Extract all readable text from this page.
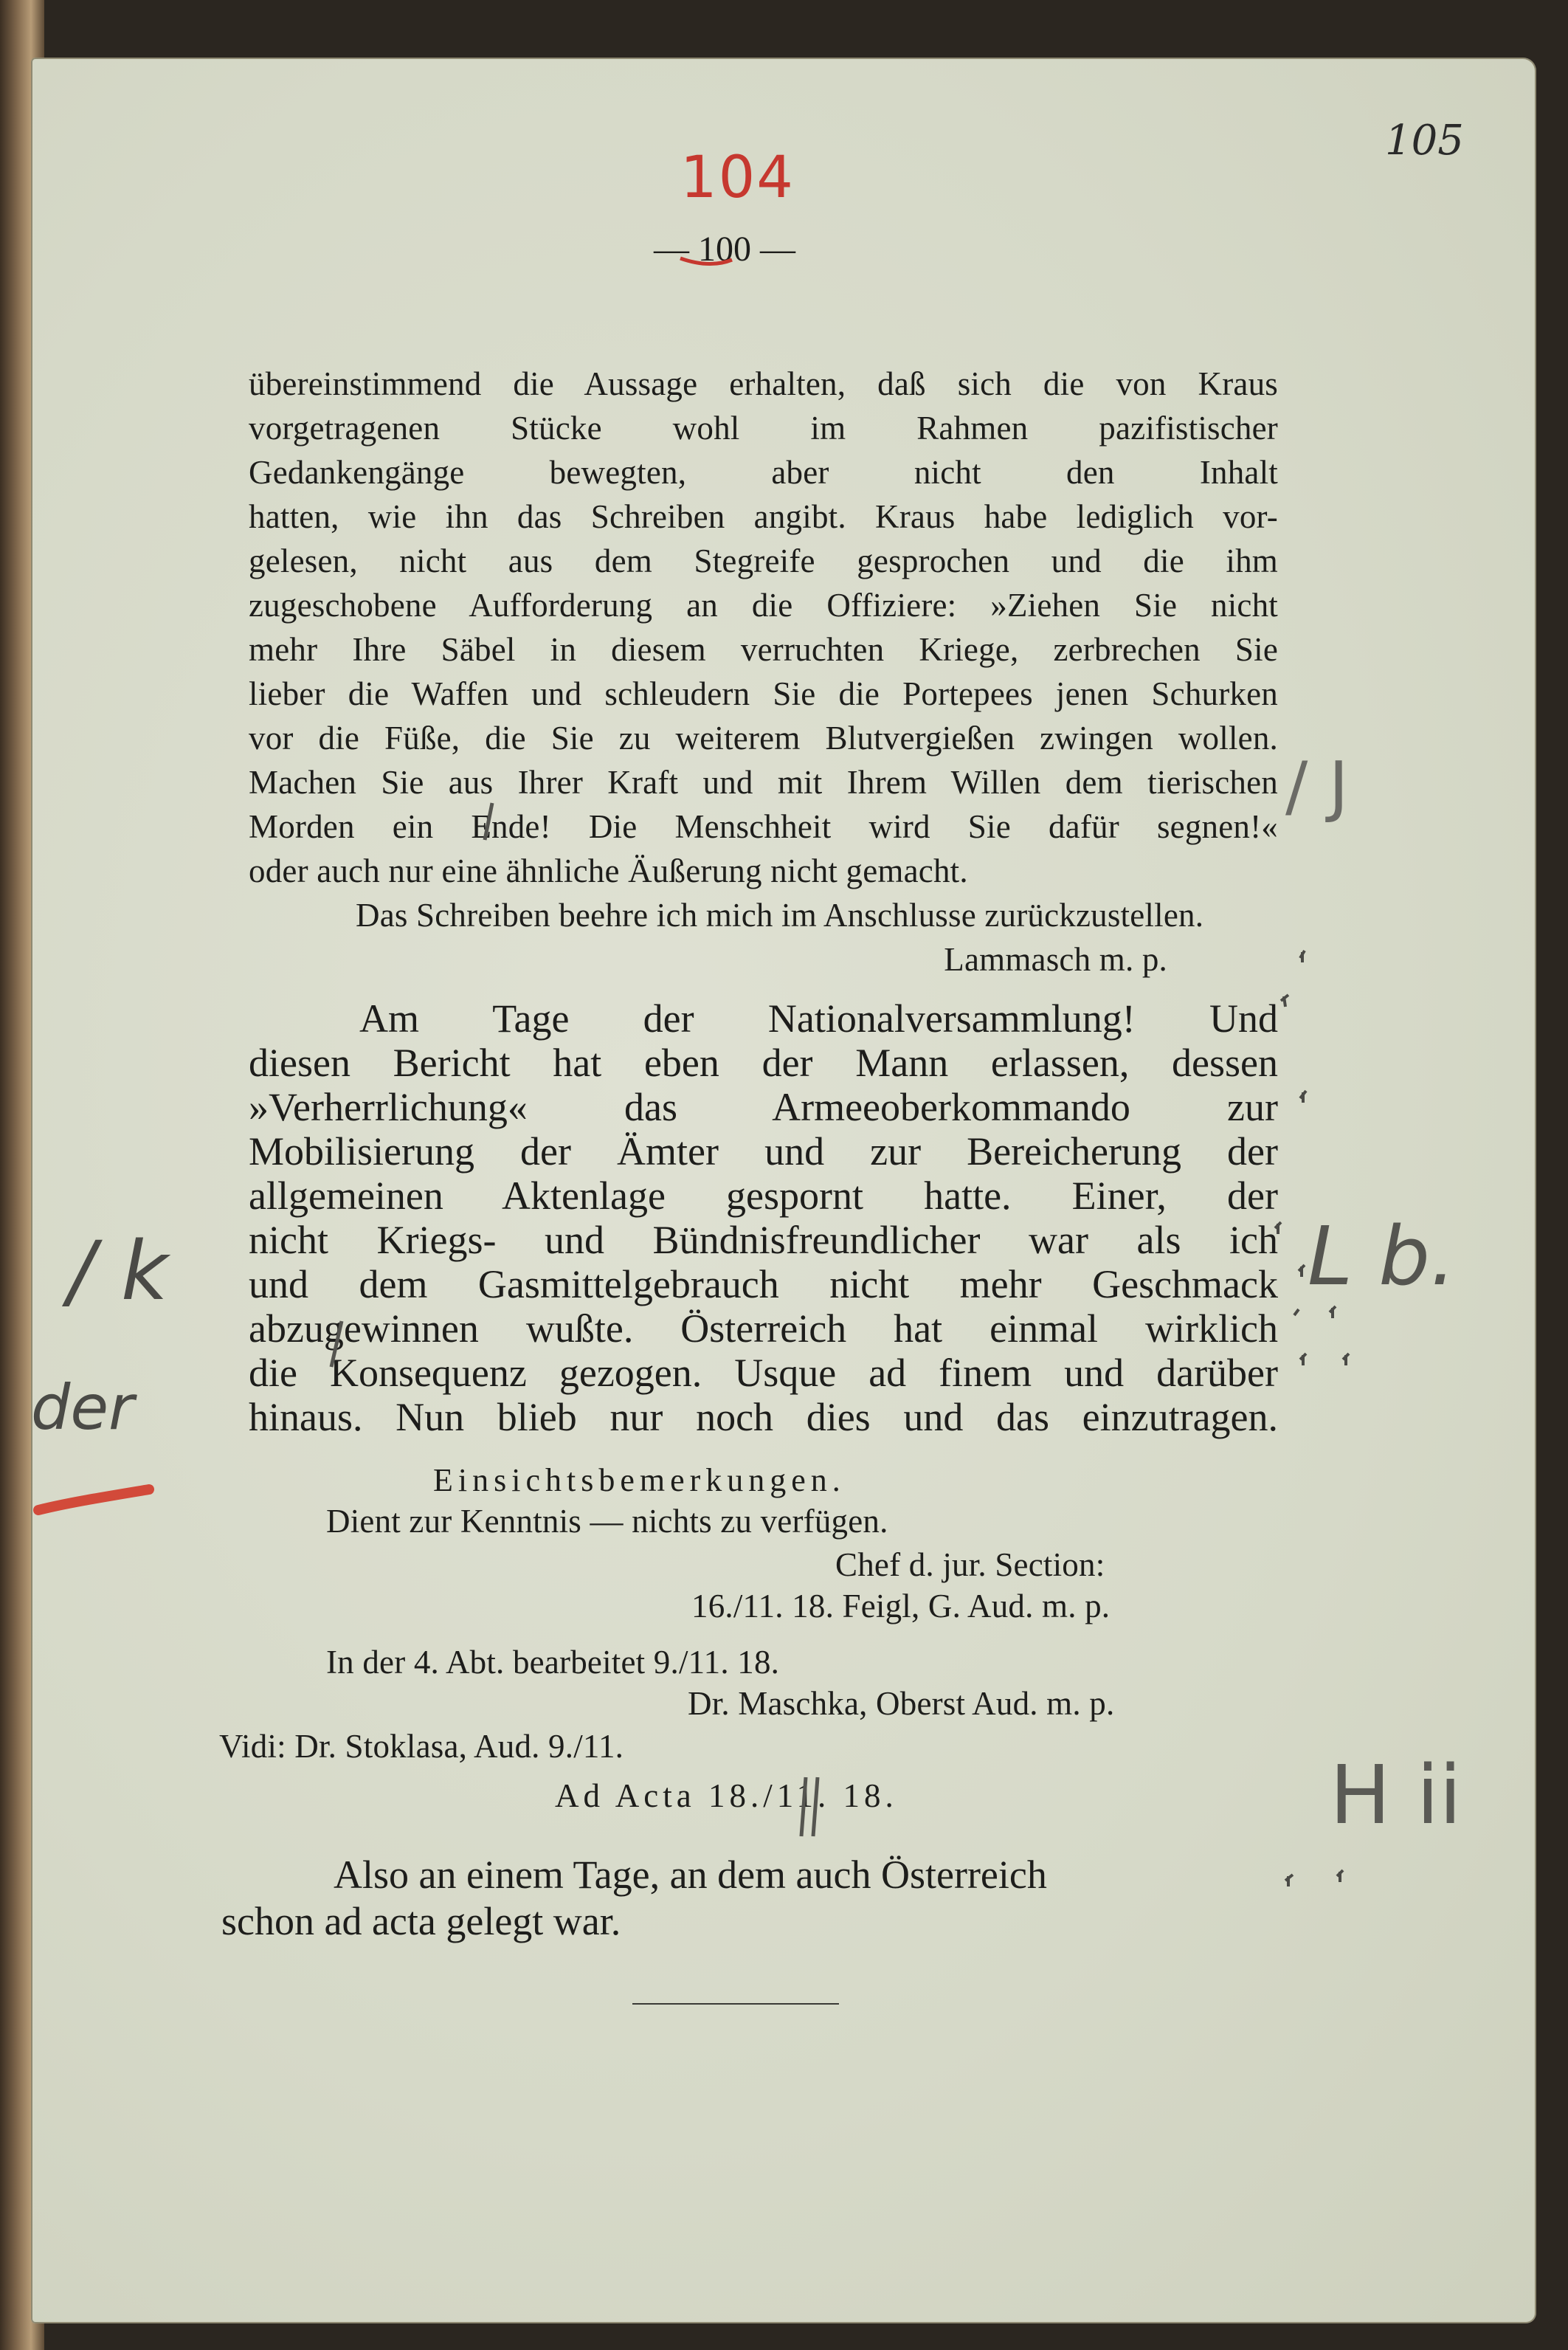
105
104
— 100 —
übereinstimmend die Aussage erhalten, daß sich die von Kraus
vorgetragenen Stücke wohl im Rahmen pazifistischer
Gedankengänge bewegten, aber nicht den Inhalt
hatten, wie ihn das Schreiben angibt. Kraus habe lediglich vor-
gelesen, nicht aus dem Stegreife gesprochen und die ihm
zugeschobene Aufforderung an die Offiziere: »Ziehen Sie nicht
mehr Ihre Säbel in diesem verruchten Kriege, zerbrechen Sie
lieber die Waffen und schleudern Sie die Portepees jenen Schurken
vor die Füße, die Sie zu weiterem Blutvergießen zwingen wollen.
Machen Sie aus Ihrer Kraft und mit Ihrem Willen dem tierischen
Morden ein Ende! Die Menschheit wird Sie dafür segnen!«
oder auch nur eine ähnliche Äußerung nicht gemacht.
Das Schreiben beehre ich mich im Anschlusse zurückzustellen.
Lammasch m. p.
Am Tage der Nationalversammlung! Und
diesen Bericht hat eben der Mann erlassen, dessen
»Verherrlichung« das Armeeoberkommando zur
Mobilisierung der Ämter und zur Bereicherung der
allgemeinen Aktenlage gespornt hatte. Einer, der
nicht Kriegs- und Bündnisfreundlicher war als ich
und dem Gasmittelgebrauch nicht mehr Geschmack
abzugewinnen wußte. Österreich hat einmal wirklich
die Konsequenz gezogen. Usque ad finem und darüber
hinaus. Nun blieb nur noch dies und das einzutragen.
Einsichtsbemerkungen.
Dient zur Kenntnis — nichts zu verfügen.
Chef d. jur. Section:
16./11. 18. Feigl, G. Aud. m. p.
In der 4. Abt. bearbeitet 9./11. 18.
Dr. Maschka, Oberst Aud. m. p.
Vidi: Dr. Stoklasa, Aud. 9./11.
Ad Acta 18./11. 18.
Also an einem Tage, an dem auch Österreich
schon ad acta gelegt war.
/ J
L b.
H ii
/ k
der
